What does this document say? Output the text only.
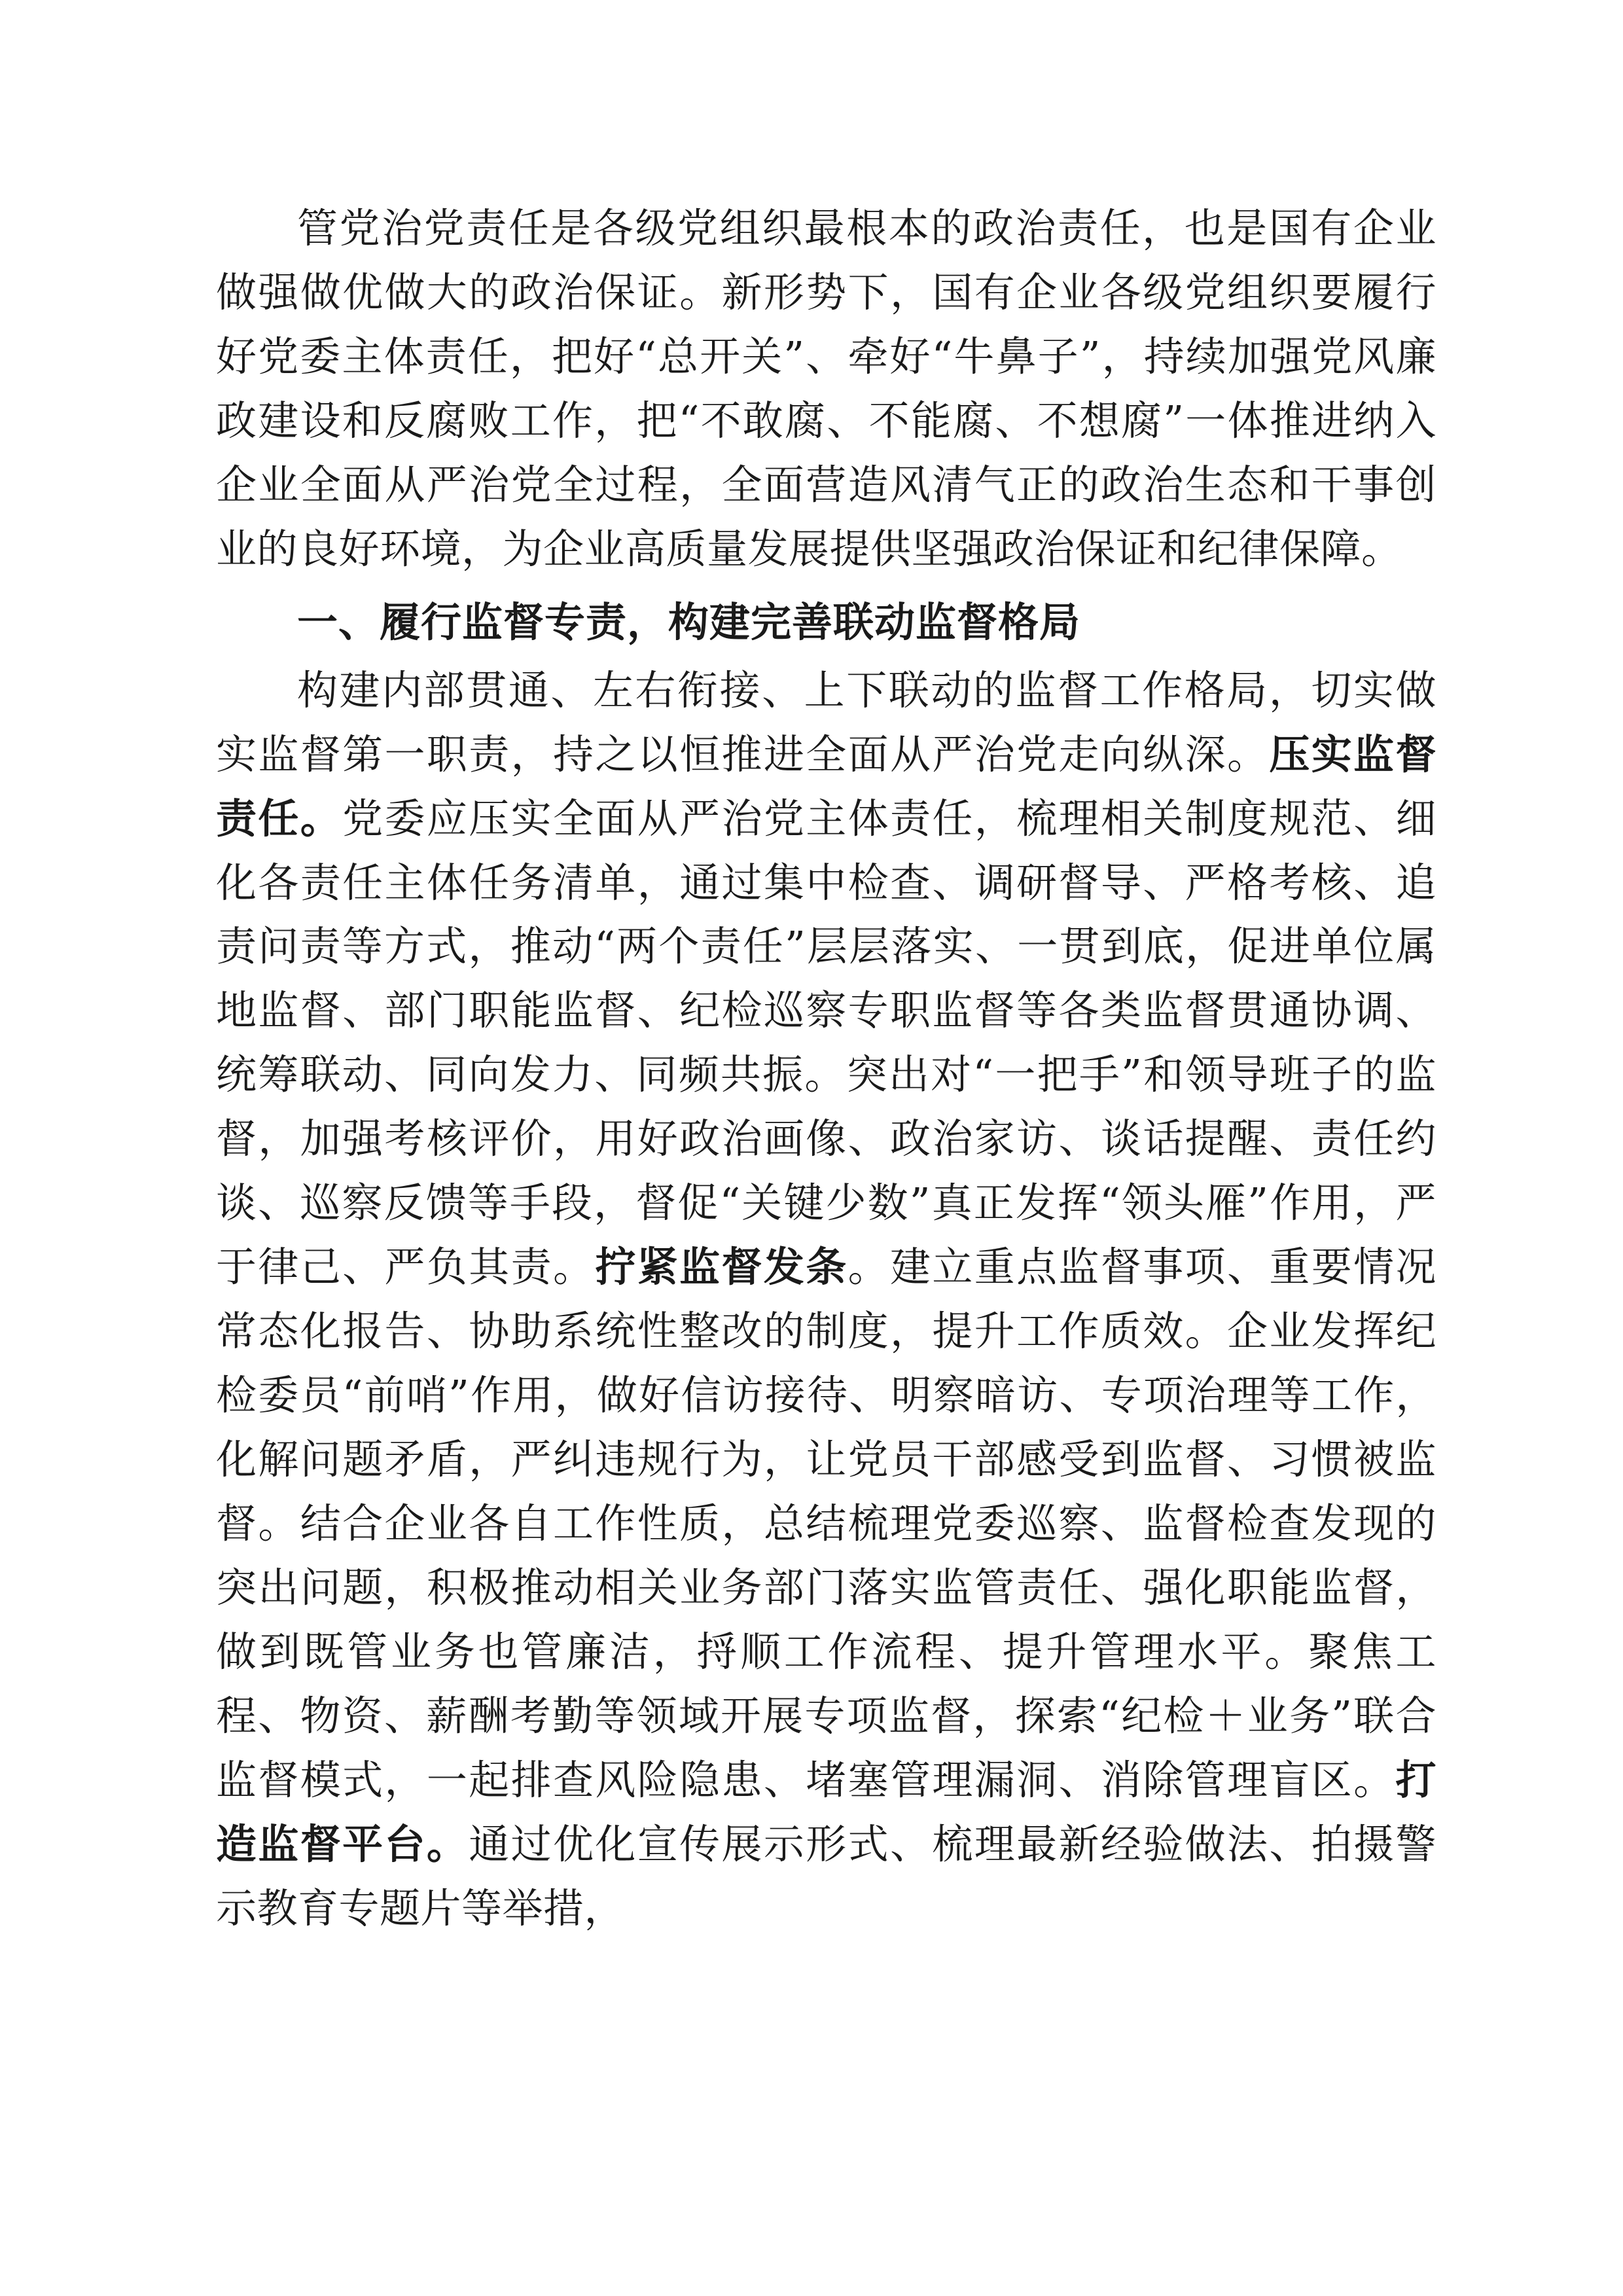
管党治党责任是各级党组织最根本的政治责任，也是国有企业做强做优做大的政治保证。新形势下，国有企业各级党组织要履行好党委主体责任，把好“总开关”、牵好“牛鼻子”，持续加强党风廉政建设和反腐败工作，把“不敢腐、不能腐、不想腐”一体推进纳入企业全面从严治党全过程，全面营造风清气正的政治生态和干事创业的良好环境，为企业高质量发展提供坚强政治保证和纪律保障。

一、履行监督专责，构建完善联动监督格局

构建内部贯通、左右衔接、上下联动的监督工作格局，切实做实监督第一职责，持之以恒推进全面从严治党走向纵深。压实监督责任。党委应压实全面从严治党主体责任，梳理相关制度规范、细化各责任主体任务清单，通过集中检查、调研督导、严格考核、追责问责等方式，推动“两个责任”层层落实、一贯到底，促进单位属地监督、部门职能监督、纪检巡察专职监督等各类监督贯通协调、统筹联动、同向发力、同频共振。突出对“一把手”和领导班子的监督，加强考核评价，用好政治画像、政治家访、谈话提醒、责任约谈、巡察反馈等手段，督促“关键少数”真正发挥“领头雁”作用，严于律己、严负其责。拧紧监督发条。建立重点监督事项、重要情况常态化报告、协助系统性整改的制度，提升工作质效。企业发挥纪检委员“前哨”作用，做好信访接待、明察暗访、专项治理等工作，化解问题矛盾，严纠违规行为，让党员干部感受到监督、习惯被监督。结合企业各自工作性质，总结梳理党委巡察、监督检查发现的突出问题，积极推动相关业务部门落实监管责任、强化职能监督，做到既管业务也管廉洁，捋顺工作流程、提升管理水平。聚焦工程、物资、薪酬考勤等领域开展专项监督，探索“纪检＋业务”联合监督模式，一起排查风险隐患、堵塞管理漏洞、消除管理盲区。打造监督平台。通过优化宣传展示形式、梳理最新经验做法、拍摄警示教育专题片等举措，
